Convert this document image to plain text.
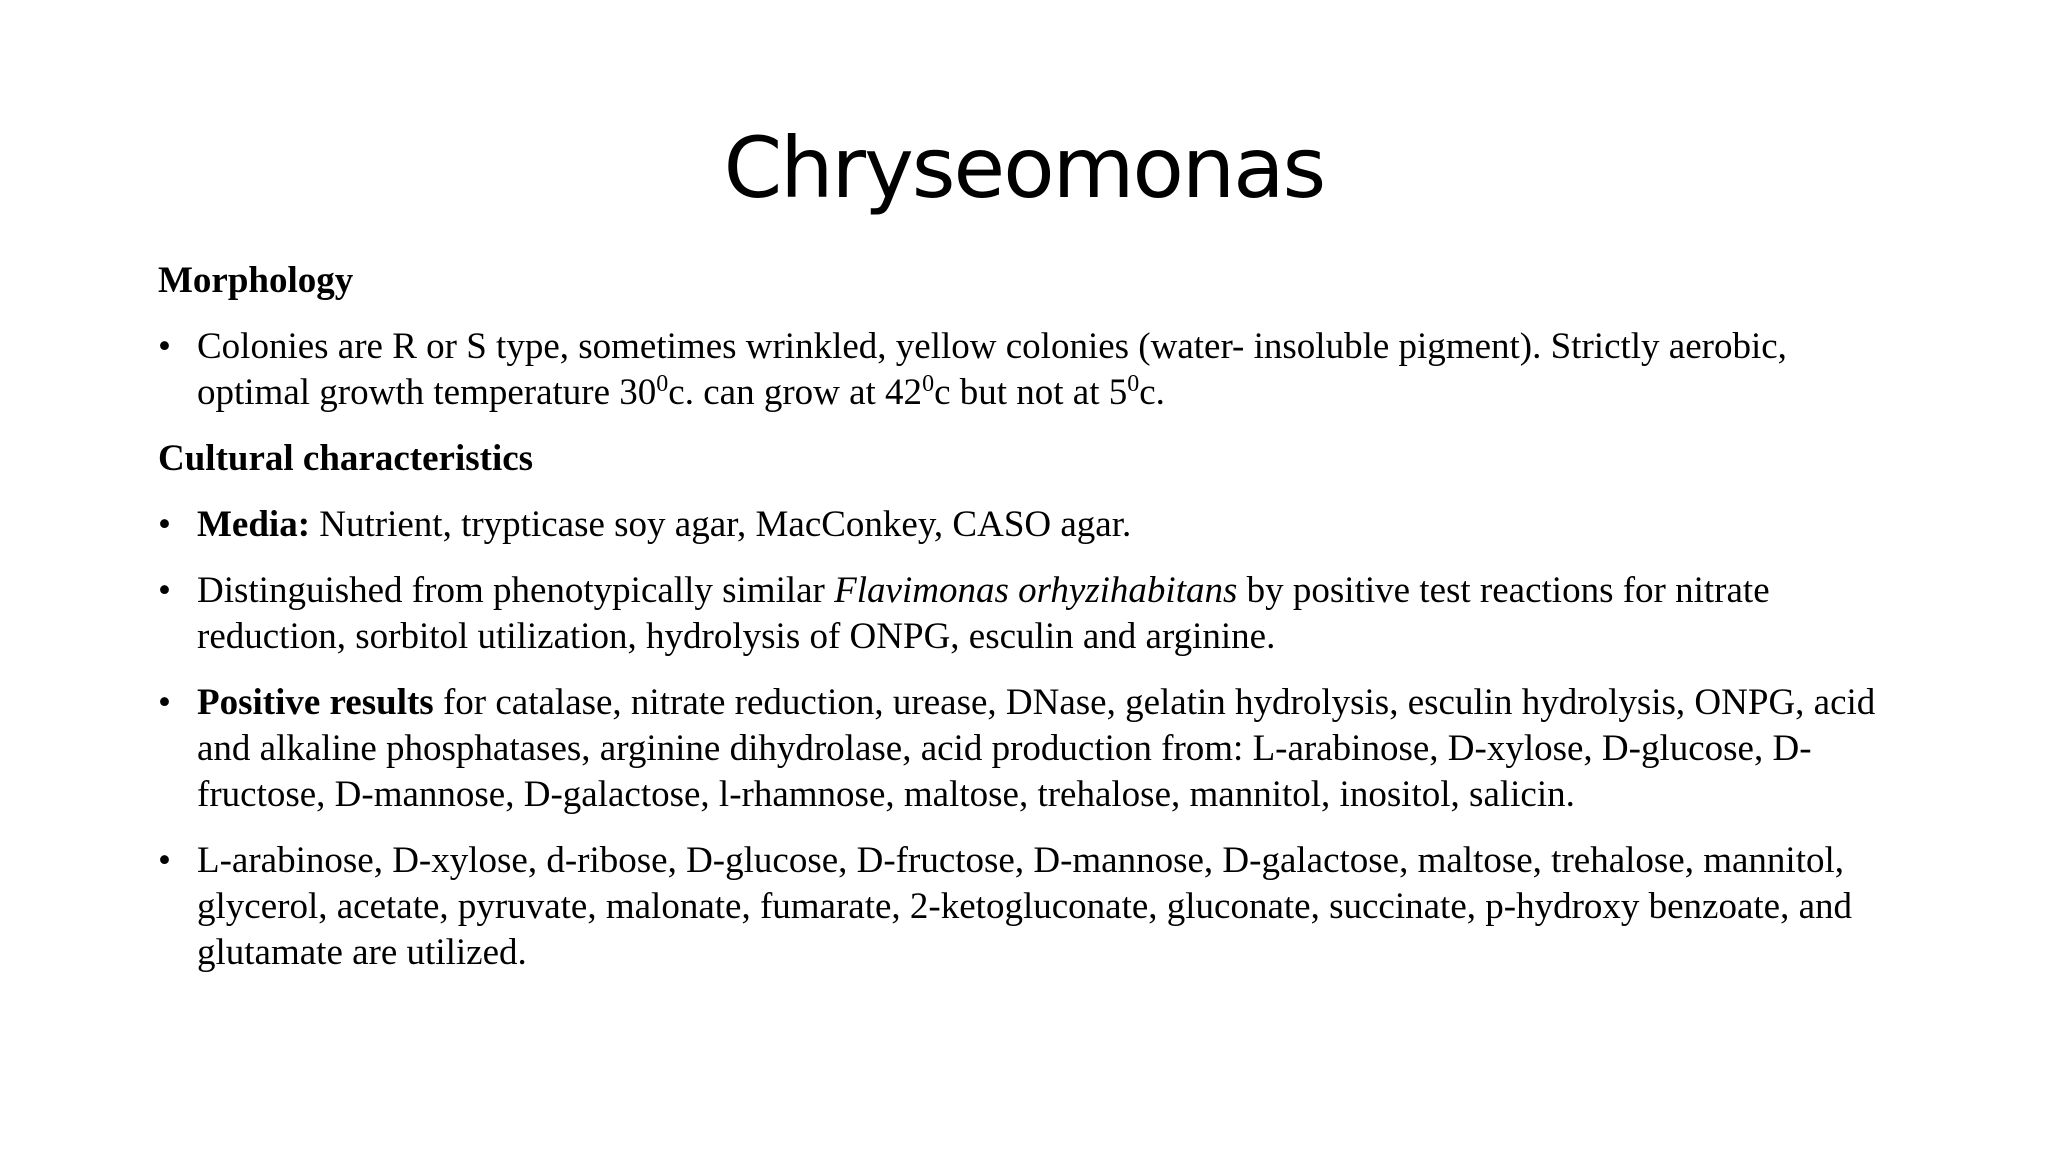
Chryseomonas

Morphology

• Colonies are R or S type, sometimes wrinkled, yellow colonies (water- insoluble pigment). Strictly aerobic, optimal growth temperature $30^0c$. can grow at $42^0c$ but not at $5^0c$.

Cultural characteristics

• Media: Nutrient, trypticase soy agar, MacConkey, CASO agar.

• Distinguished from phenotypically similar Flavimonas orhyzihabitans by positive test reactions for nitrate reduction, sorbitol utilization, hydrolysis of ONPG, esculin and arginine.

• Positive results for catalase, nitrate reduction, urease, DNase, gelatin hydrolysis, esculin hydrolysis, ONPG, acid and alkaline phosphatases, arginine dihydrolase, acid production from: L-arabinose, D-xylose, D-glucose, D-fructose, D-mannose, D-galactose, l-rhamnose, maltose, trehalose, mannitol, inositol, salicin.

• L-arabinose, D-xylose, d-ribose, D-glucose, D-fructose, D-mannose, D-galactose, maltose, trehalose, mannitol, glycerol, acetate, pyruvate, malonate, fumarate, 2-ketogluconate, gluconate, succinate, p-hydroxy benzoate, and glutamate are utilized.
